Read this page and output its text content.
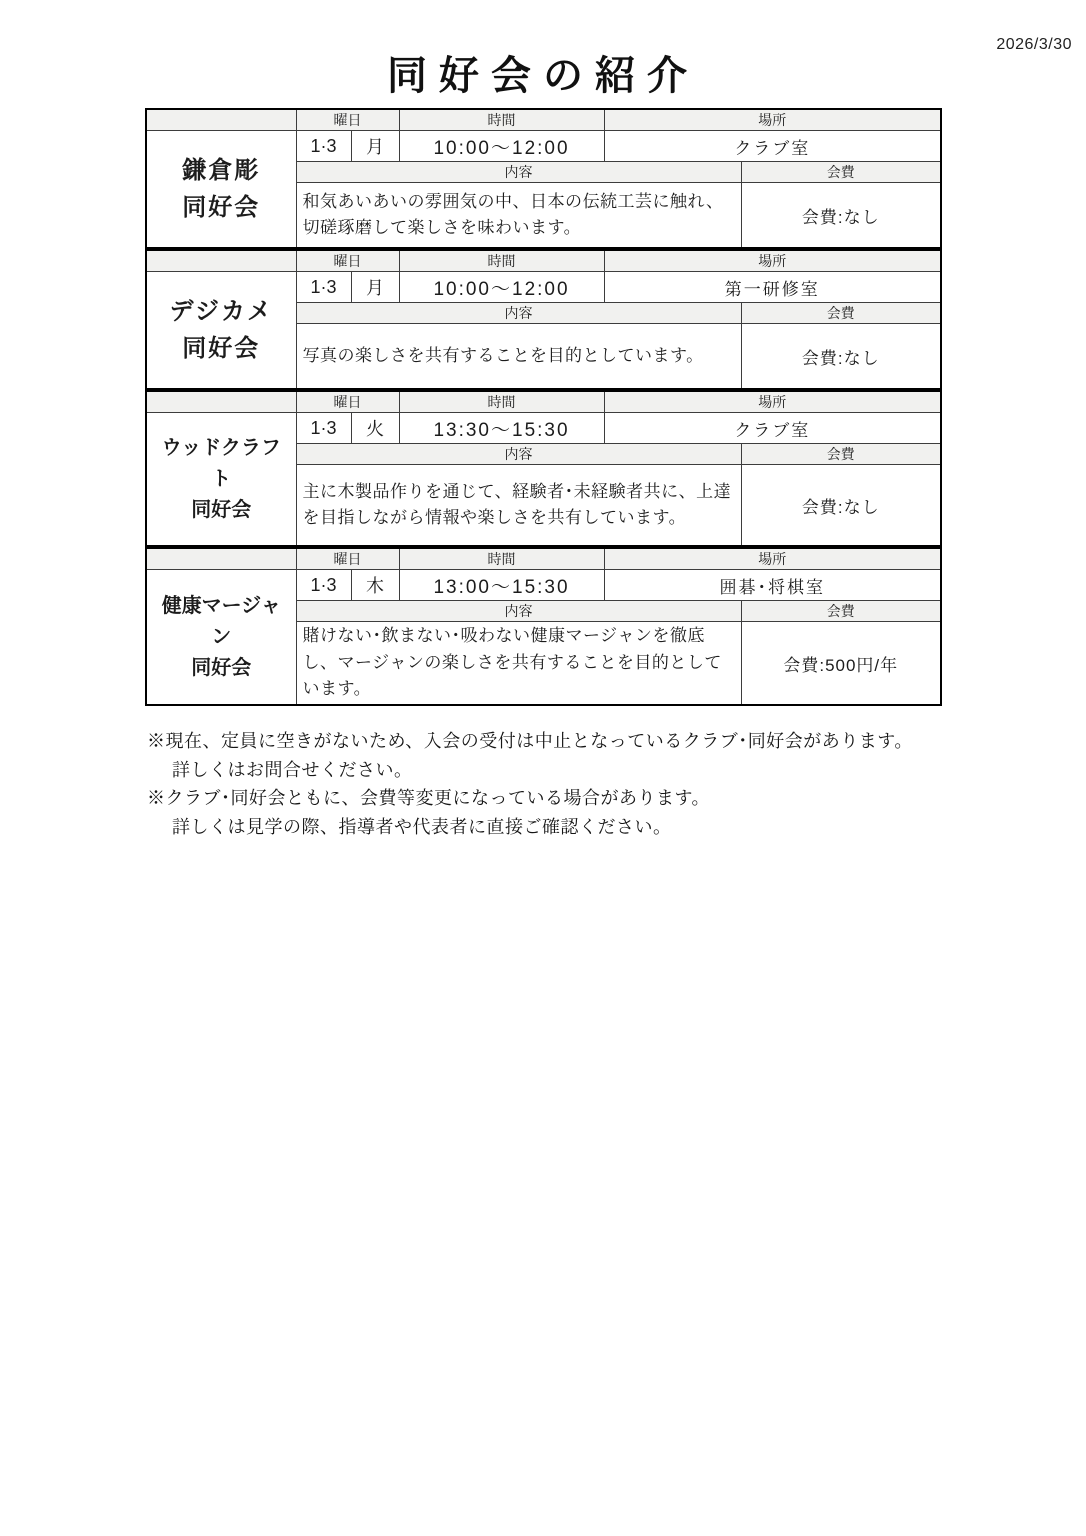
2026/3/30
同好会の紹介
	曜日		時間	場所	

鎌倉彫
同好会	1·3	月	10:00～12:00	クラブ室	
	内容				会費
	和気あいあいの雰囲気の中、日本の伝統工芸に触れ、切磋琢磨して楽しさを味わいます。				会費:なし
	曜日		時間	場所	

デジカメ
同好会	1·3	月	10:00～12:00	第一研修室	
	内容				会費
	写真の楽しさを共有することを目的としています。				会費:なし
	曜日		時間	場所	

ウッドクラフト
同好会	1·3	火	13:30～15:30	クラブ室	
	内容				会費
	主に木製品作りを通じて、経験者･未経験者共に、上達を目指しながら情報や楽しさを共有しています。				会費:なし
	曜日		時間	場所	

健康マージャン
同好会	1·3	木	13:00～15:30	囲碁･将棋室	
	内容				会費
	賭けない･飲まない･吸わない健康マージャンを徹底し、マージャンの楽しさを共有することを目的としています。				会費:500円/年
※現在、定員に空きがないため、入会の受付は中止となっているクラブ･同好会があります。
詳しくはお問合せください。
※クラブ･同好会ともに、会費等変更になっている場合があります。
詳しくは見学の際、指導者や代表者に直接ご確認ください。
